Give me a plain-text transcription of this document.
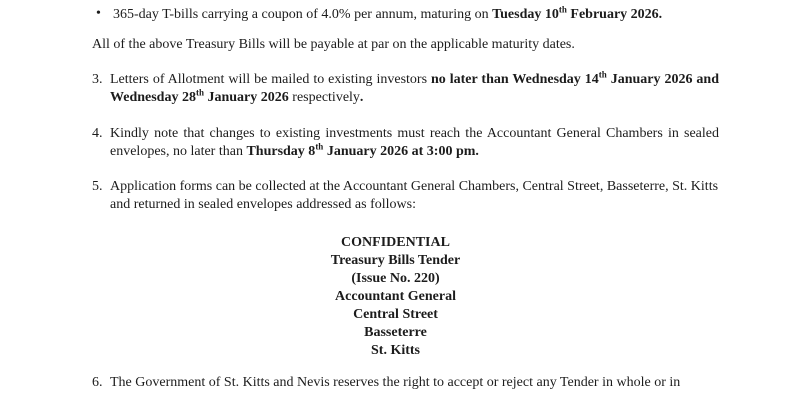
• 365-day T-bills carrying a coupon of 4.0% per annum, maturing on Tuesday 10th February 2026.
All of the above Treasury Bills will be payable at par on the applicable maturity dates.
3. Letters of Allotment will be mailed to existing investors no later than Wednesday 14th January 2026 and Wednesday 28th January 2026 respectively.
4. Kindly note that changes to existing investments must reach the Accountant General Chambers in sealed envelopes, no later than Thursday 8th January 2026 at 3:00 pm.
5. Application forms can be collected at the Accountant General Chambers, Central Street, Basseterre, St. Kitts and returned in sealed envelopes addressed as follows:
CONFIDENTIAL
Treasury Bills Tender
(Issue No. 220)
Accountant General
Central Street
Basseterre
St. Kitts
6. The Government of St. Kitts and Nevis reserves the right to accept or reject any Tender in whole or in
